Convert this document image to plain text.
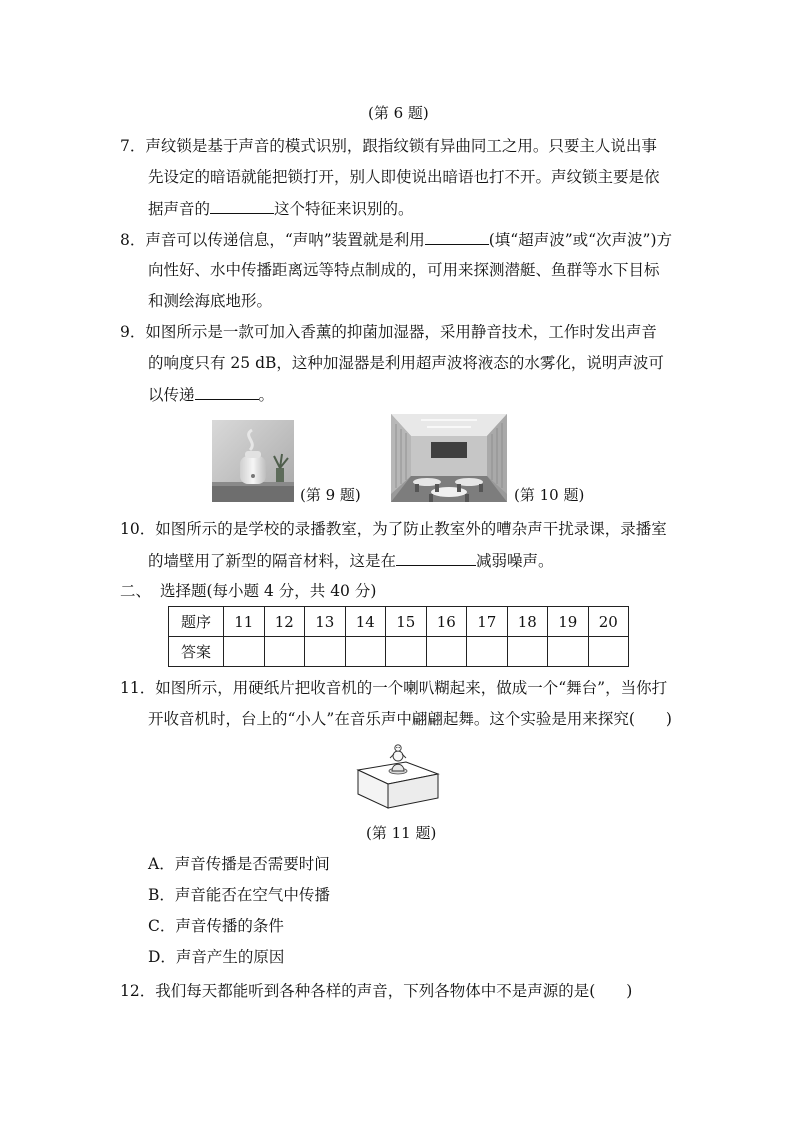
(第 6 题)
7．声纹锁是基于声音的模式识别，跟指纹锁有异曲同工之用。只要主人说出事
先设定的暗语就能把锁打开，别人即使说出暗语也打不开。声纹锁主要是依
据声音的	这个特征来识别的。
8．声音可以传递信息，“声呐”装置就是利用	(填“超声波”或“次声波”)方
向性好、水中传播距离远等特点制成的，可用来探测潜艇、鱼群等水下目标
和测绘海底地形。
9．如图所示是一款可加入香薰的抑菌加湿器，采用静音技术，工作时发出声音
的响度只有 25 dB，这种加湿器是利用超声波将液态的水雾化，说明声波可
以传递	。
(第 9 题)	(第 10 题)
10．如图所示的是学校的录播教室，为了防止教室外的嘈杂声干扰录课，录播室
的墙壁用了新型的隔音材料，这是在	减弱噪声。
二、 选择题(每小题 4 分，共 40 分)
题序	11	12	13	14	15	16	17	18	19	20
答案										
11．如图所示，用硬纸片把收音机的一个喇叭糊起来，做成一个“舞台”，当你打
开收音机时，台上的“小人”在音乐声中翩翩起舞。这个实验是用来探究(　　)
(第 11 题)
A．声音传播是否需要时间
B．声音能否在空气中传播
C．声音传播的条件
D．声音产生的原因
12．我们每天都能听到各种各样的声音，下列各物体中不是声源的是(　　)
